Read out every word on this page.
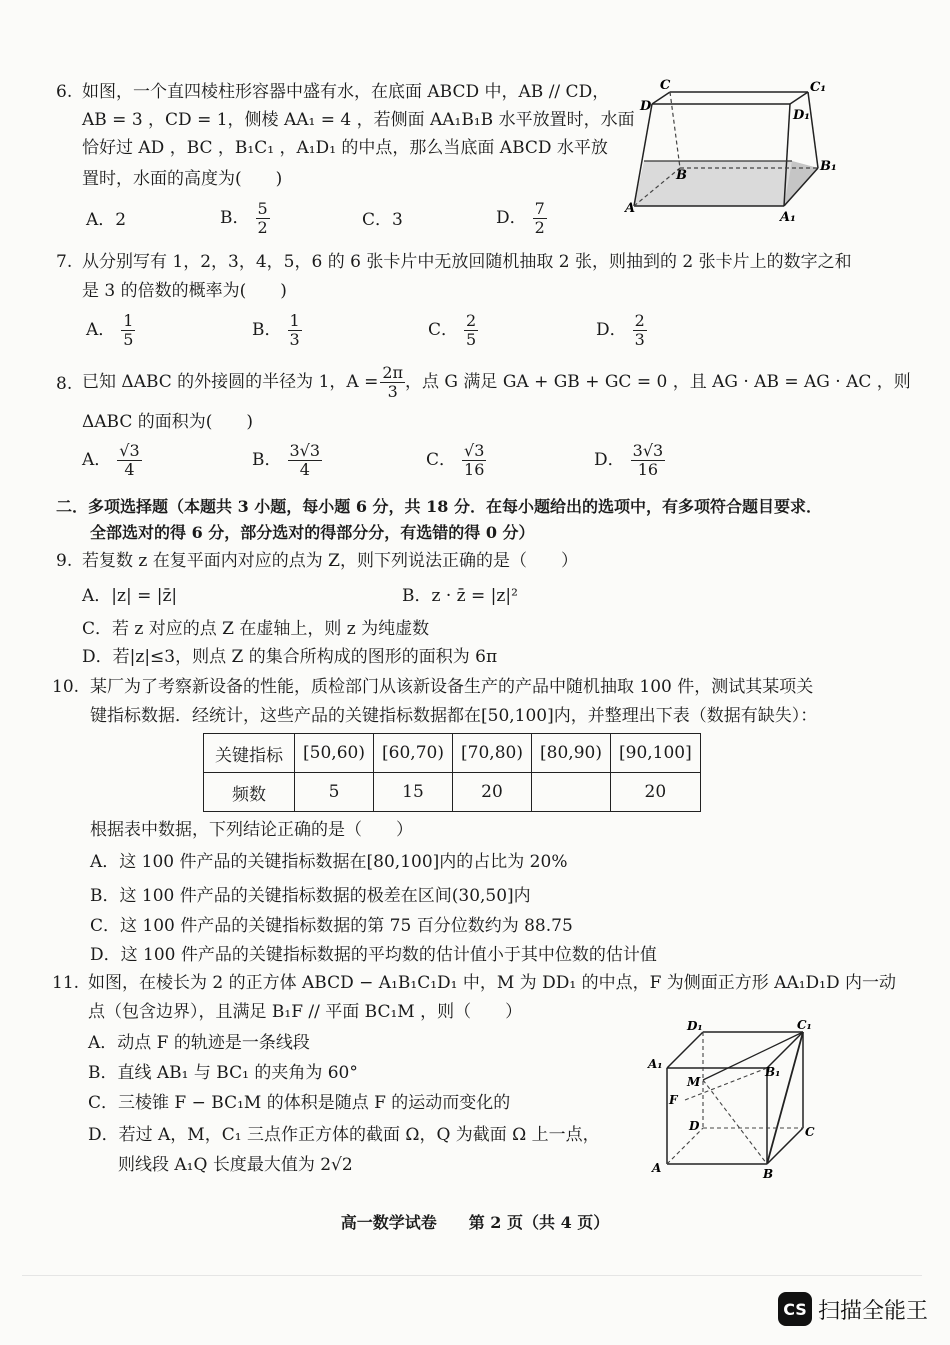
6. 如图，一个直四棱柱形容器中盛有水，在底面 ABCD 中，AB // CD，
AB = 3 ，CD = 1，侧棱 AA₁ = 4 ，若侧面 AA₁B₁B 水平放置时，水面
恰好过 AD ，BC ，B₁C₁ ，A₁D₁ 的中点，那么当底面 ABCD 水平放
置时，水面的高度为(　　)
A．2	B． $\frac{5}{2}$	C．3	D． $\frac{7}{2}$
C	C₁
D
D₁
B
B₁
A
A₁
7. 从分别写有 1，2，3，4，5，6 的 6 张卡片中无放回随机抽取 2 张，则抽到的 2 张卡片上的数字之和
是 3 的倍数的概率为(　　)
A． $\frac{1}{5}$	B． $\frac{1}{3}$	C． $\frac{2}{5}$	D． $\frac{2}{3}$
8. 已知 ΔABC 的外接圆的半径为 1，$A = \frac{2\pi}{3}$ ，点 G 满足 GA + GB + GC = 0 ，且 AG · AB = AG · AC ，则
ΔABC 的面积为(　　)
A． $\frac{√3}{4}$	B． $\frac{3√3}{4}$	C． $\frac{√3}{16}$	D． $\frac{3√3}{16}$
二．多项选择题（本题共 3 小题，每小题 6 分，共 18 分．在每小题给出的选项中，有多项符合题目要求．
全部选对的得 6 分，部分选对的得部分分，有选错的得 0 分）
9. 若复数 z 在复平面内对应的点为 Z，则下列说法正确的是（　　）
A．|z| = |z̄|	B．z · z̄ = |z|²
C．若 z 对应的点 Z 在虚轴上，则 z 为纯虚数
D．若|z|≤3，则点 Z 的集合所构成的图形的面积为 6π
10. 某厂为了考察新设备的性能，质检部门从该新设备生产的产品中随机抽取 100 件，测试其某项关
键指标数据．经统计，这些产品的关键指标数据都在[50,100]内，并整理出下表（数据有缺失）：
关键指标	[50,60)	[60,70)	[70,80)	[80,90)	[90,100]
频数	5	15	20		20
根据表中数据，下列结论正确的是（　　）
A．这 100 件产品的关键指标数据在[80,100]内的占比为 20%
B．这 100 件产品的关键指标数据的极差在区间(30,50]内
C．这 100 件产品的关键指标数据的第 75 百分位数约为 88.75
D．这 100 件产品的关键指标数据的平均数的估计值小于其中位数的估计值
11. 如图，在棱长为 2 的正方体 ABCD − A₁B₁C₁D₁ 中，M 为 DD₁ 的中点，F 为侧面正方形 AA₁D₁D 内一动
点（包含边界），且满足 B₁F // 平面 BC₁M ，则（　　）
A．动点 F 的轨迹是一条线段
B．直线 AB₁ 与 BC₁ 的夹角为 60°
C．三棱锥 F − BC₁M 的体积是随点 F 的运动而变化的
D．若过 A，M，C₁ 三点作正方体的截面 Ω，Q 为截面 Ω 上一点，
则线段 A₁Q 长度最大值为 2√2
D₁	C₁
A₁
B₁
M
F
D	C
A	B
高一数学试卷　　第 2 页（共 4 页）
CS 扫描全能王
